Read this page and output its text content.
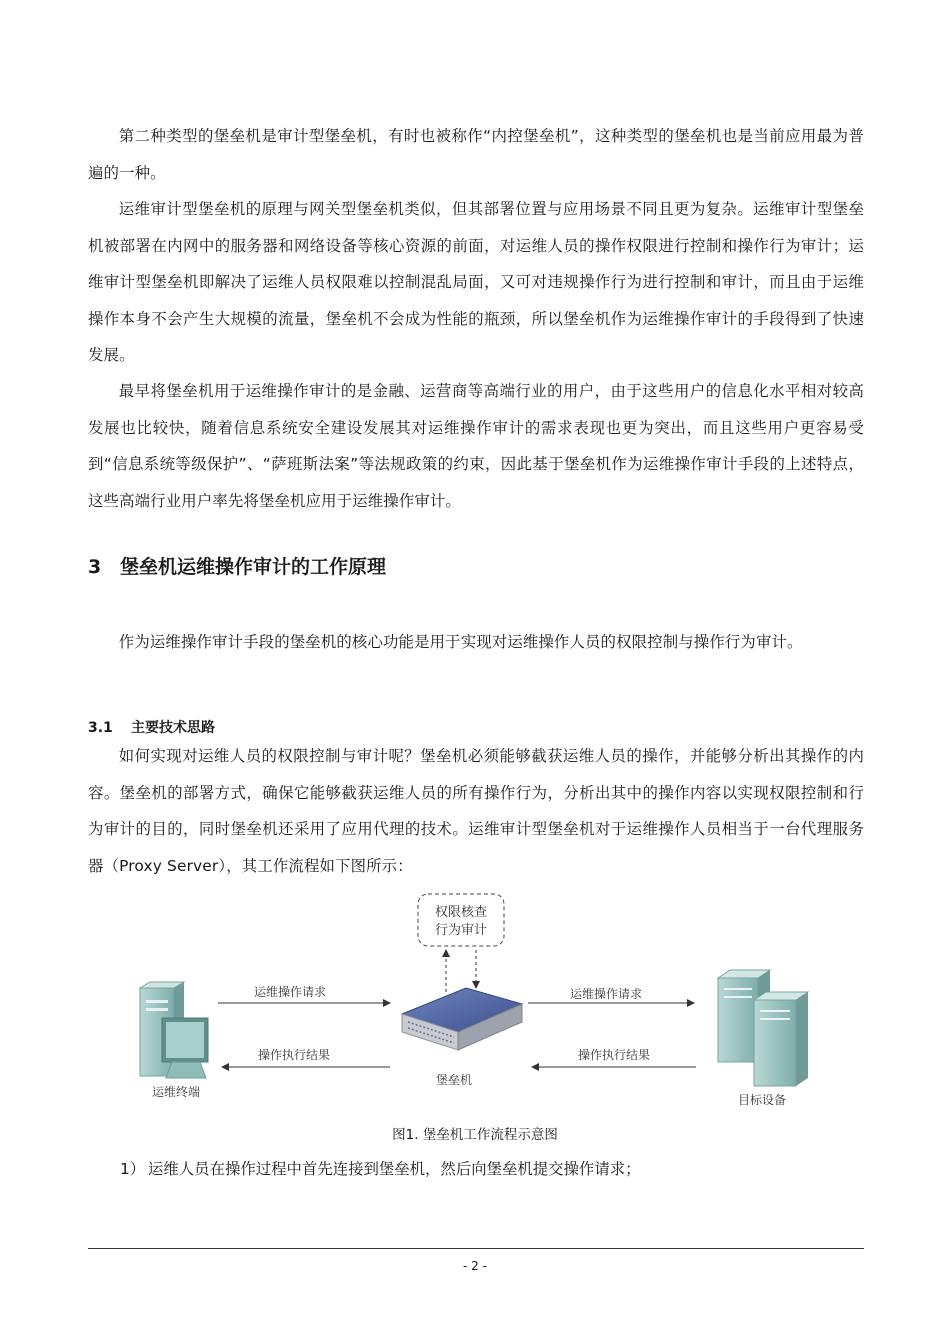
第二种类型的堡垒机是审计型堡垒机，有时也被称作“内控堡垒机”，这种类型的堡垒机也是当前应用最为普遍的一种。

运维审计型堡垒机的原理与网关型堡垒机类似，但其部署位置与应用场景不同且更为复杂。运维审计型堡垒机被部署在内网中的服务器和网络设备等核心资源的前面，对运维人员的操作权限进行控制和操作行为审计；运维审计型堡垒机即解决了运维人员权限难以控制混乱局面，又可对违规操作行为进行控制和审计，而且由于运维操作本身不会产生大规模的流量，堡垒机不会成为性能的瓶颈，所以堡垒机作为运维操作审计的手段得到了快速发展。

最早将堡垒机用于运维操作审计的是金融、运营商等高端行业的用户，由于这些用户的信息化水平相对较高发展也比较快，随着信息系统安全建设发展其对运维操作审计的需求表现也更为突出，而且这些用户更容易受到“信息系统等级保护”、“萨班斯法案”等法规政策的约束，因此基于堡垒机作为运维操作审计手段的上述特点，这些高端行业用户率先将堡垒机应用于运维操作审计。

3 堡垒机运维操作审计的工作原理

作为运维操作审计手段的堡垒机的核心功能是用于实现对运维操作人员的权限控制与操作行为审计。

3.1 主要技术思路

如何实现对运维人员的权限控制与审计呢？堡垒机必须能够截获运维人员的操作，并能够分析出其操作的内容。堡垒机的部署方式，确保它能够截获运维人员的所有操作行为，分析出其中的操作内容以实现权限控制和行为审计的目的，同时堡垒机还采用了应用代理的技术。运维审计型堡垒机对于运维操作人员相当于一台代理服务器（Proxy Server），其工作流程如下图所示：

权限核查
行为审计
运维终端
运维操作请求
操作执行结果
堡垒机
运维操作请求
操作执行结果
目标设备
图1. 堡垒机工作流程示意图

1） 运维人员在操作过程中首先连接到堡垒机，然后向堡垒机提交操作请求；

- 2 -
